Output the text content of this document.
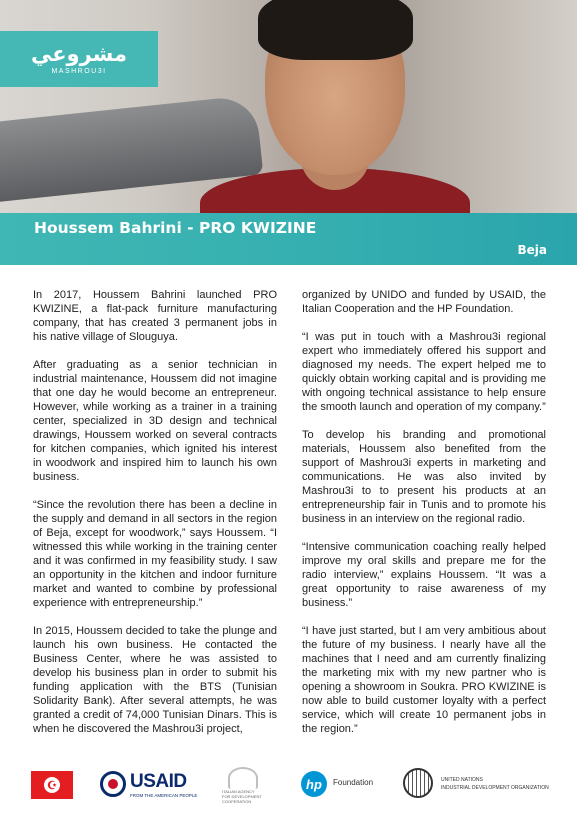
مشروعي
MASHROU3I
Houssem Bahrini - PRO KWIZINE
Beja

In 2017, Houssem Bahrini launched PRO KWIZINE, a flat-pack furniture manufacturing company, that has created 3 permanent jobs in his native village of Slouguya.

After graduating as a senior technician in industrial maintenance, Houssem did not imagine that one day he would become an entrepreneur. However, while working as a trainer in a training center, specialized in 3D design and technical drawings, Houssem worked on several contracts for kitchen companies, which ignited his interest in woodwork and inspired him to launch his own business.

“Since the revolution there has been a decline in the supply and demand in all sectors in the region of Beja, except for woodwork,” says Houssem. “I witnessed this while working in the training center and it was confirmed in my feasibility study. I saw an opportunity in the kitchen and indoor furniture market and wanted to combine by professional experience with entrepreneurship.”

In 2015, Houssem decided to take the plunge and launch his own business. He contacted the Business Center, where he was assisted to develop his business plan in order to submit his funding application with the BTS (Tunisian Solidarity Bank). After several attempts, he was granted a credit of 74,000 Tunisian Dinars. This is when he discovered the Mashrou3i project,

organized by UNIDO and funded by USAID, the Italian Cooperation and the HP Foundation.

“I was put in touch with a Mashrou3i regional expert who immediately offered his support and diagnosed my needs. The expert helped me to quickly obtain working capital and is providing me with ongoing technical assistance to help ensure the smooth launch and operation of my company.”

To develop his branding and promotional materials, Houssem also benefited from the support of Mashrou3i experts in marketing and communications. He was also invited by Mashrou3i to to present his products at an entrepreneurship fair in Tunis and to promote his business in an interview on the regional radio.

“Intensive communication coaching really helped improve my oral skills and prepare me for the radio interview,” explains Houssem. “It was a great opportunity to raise awareness of my business.”

“I have just started, but I am very ambitious about the future of my business. I nearly have all the machines that I need and am currently finalizing the marketing mix with my new partner who is opening a showroom in Soukra. PRO KWIZINE is now able to build customer loyalty with a perfect service, which will create 10 permanent jobs in the region.”

☪	USAID
FROM THE AMERICAN PEOPLE
ITALIAN AGENCY
FOR DEVELOPMENT
COOPERATION
hp	Foundation	UNITED NATIONS
INDUSTRIAL DEVELOPMENT ORGANIZATION
